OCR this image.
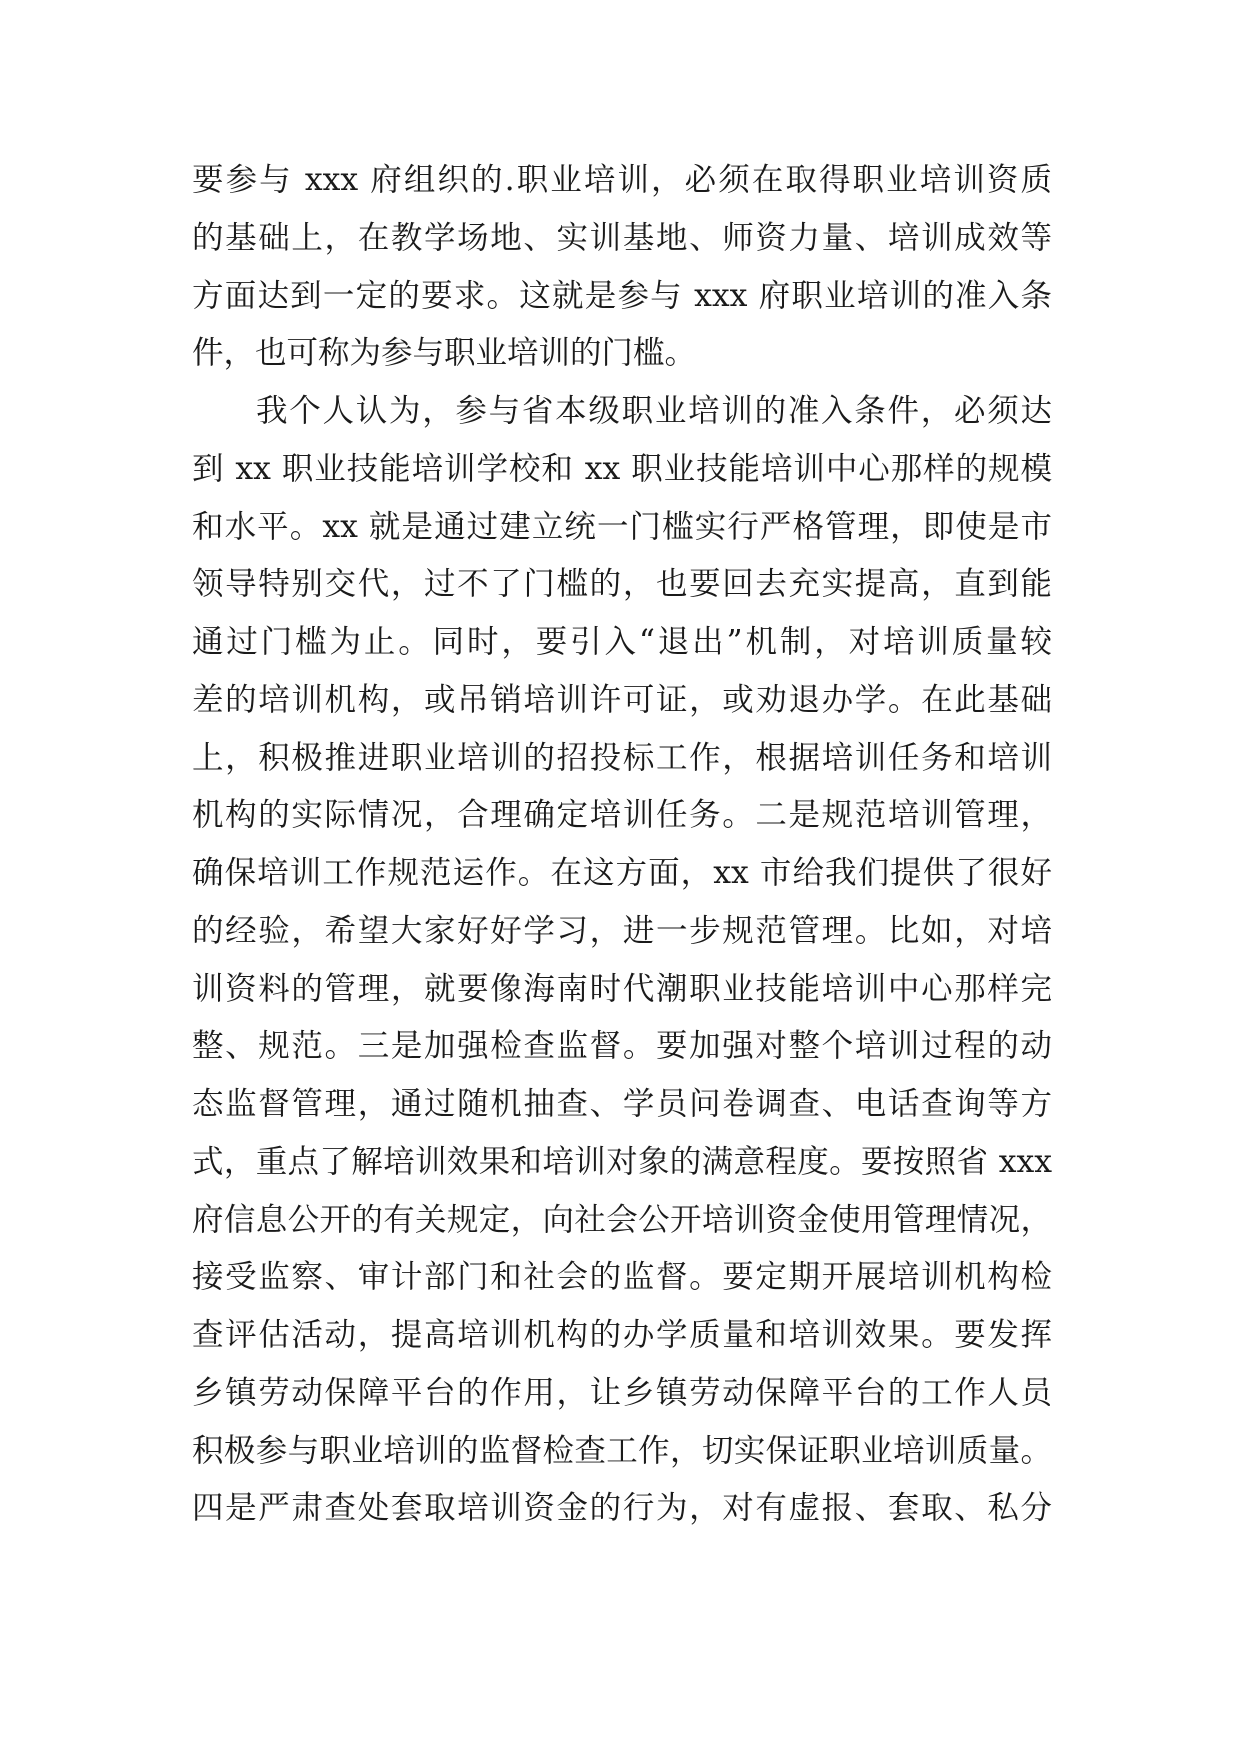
要参与 xxx 府组织的.职业培训，必须在取得职业培训资质
的基础上，在教学场地、实训基地、师资力量、培训成效等
方面达到一定的要求。这就是参与 xxx 府职业培训的准入条
件，也可称为参与职业培训的门槛。
我个人认为，参与省本级职业培训的准入条件，必须达
到 xx 职业技能培训学校和 xx 职业技能培训中心那样的规模
和水平。xx 就是通过建立统一门槛实行严格管理，即使是市
领导特别交代，过不了门槛的，也要回去充实提高，直到能
通过门槛为止。同时，要引入“退出”机制，对培训质量较
差的培训机构，或吊销培训许可证，或劝退办学。在此基础
上，积极推进职业培训的招投标工作，根据培训任务和培训
机构的实际情况，合理确定培训任务。二是规范培训管理，
确保培训工作规范运作。在这方面，xx 市给我们提供了很好
的经验，希望大家好好学习，进一步规范管理。比如，对培
训资料的管理，就要像海南时代潮职业技能培训中心那样完
整、规范。三是加强检查监督。要加强对整个培训过程的动
态监督管理，通过随机抽查、学员问卷调查、电话查询等方
式，重点了解培训效果和培训对象的满意程度。要按照省 xxx
府信息公开的有关规定，向社会公开培训资金使用管理情况，
接受监察、审计部门和社会的监督。要定期开展培训机构检
查评估活动，提高培训机构的办学质量和培训效果。要发挥
乡镇劳动保障平台的作用，让乡镇劳动保障平台的工作人员
积极参与职业培训的监督检查工作，切实保证职业培训质量。
四是严肃查处套取培训资金的行为，对有虚报、套取、私分
